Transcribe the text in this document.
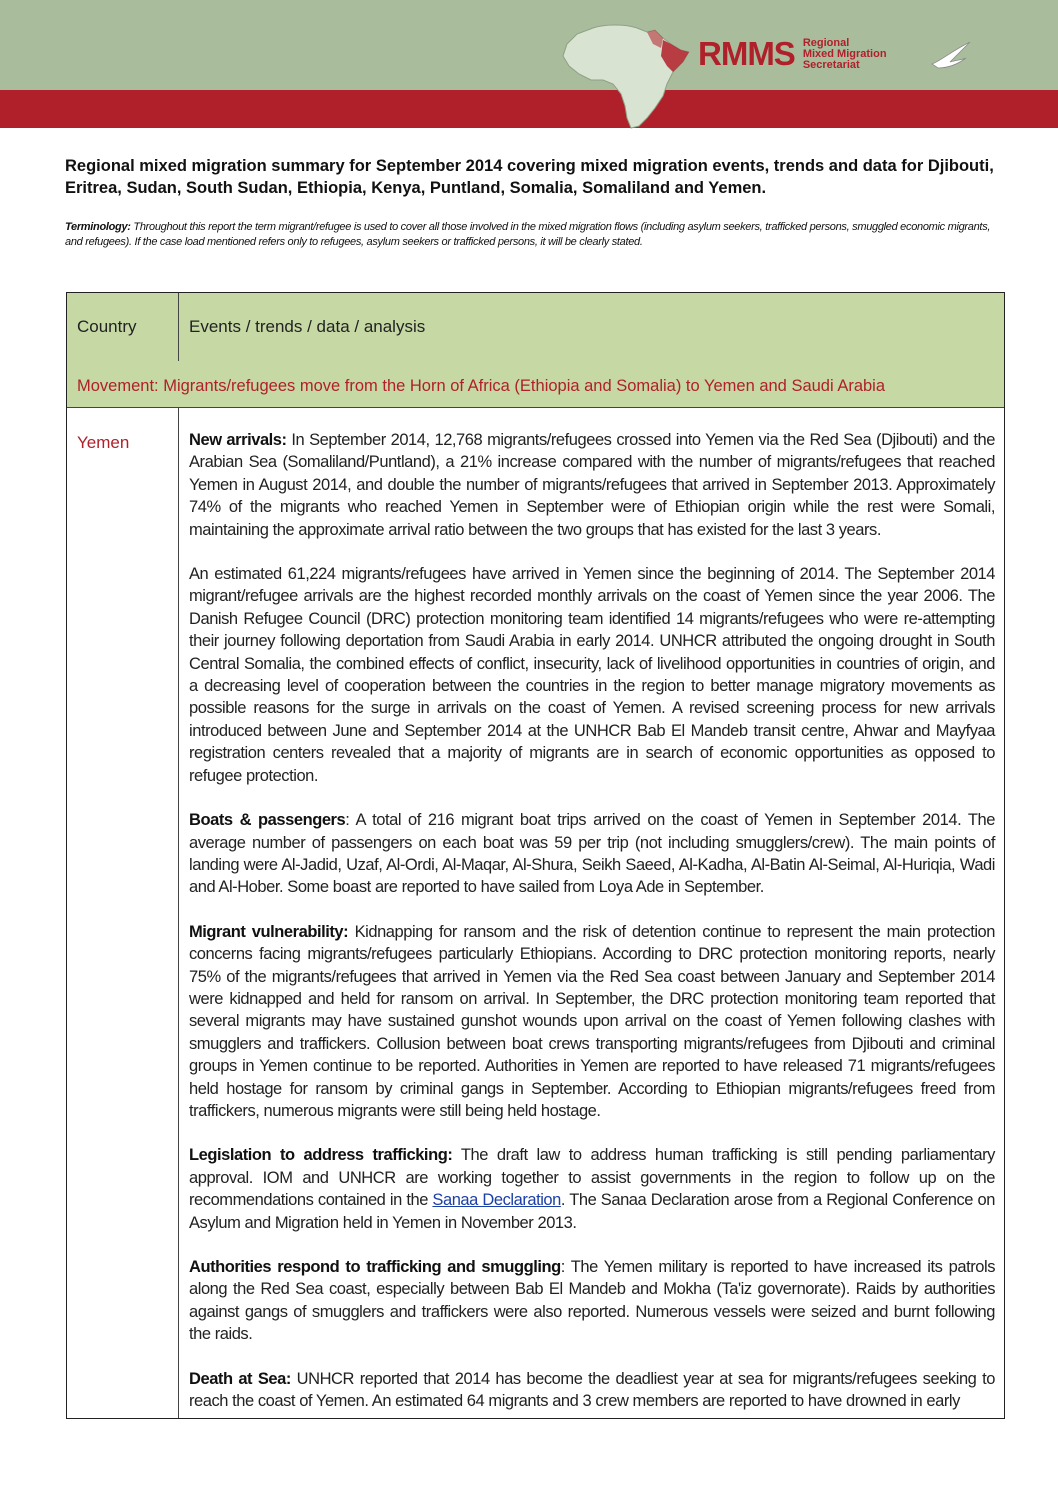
RMMS Regional
Mixed Migration
Secretariat
Regional mixed migration summary for September 2014 covering mixed migration events, trends and data for Djibouti, Eritrea, Sudan, South Sudan, Ethiopia, Kenya, Puntland, Somalia, Somaliland and Yemen.
Terminology: Throughout this report the term migrant/refugee is used to cover all those involved in the mixed migration flows (including asylum seekers, trafficked persons, smuggled economic migrants, and refugees). If the case load mentioned refers only to refugees, asylum seekers or trafficked persons, it will be clearly stated.
Country	Events / trends / data / analysis
Movement: Migrants/refugees move from the Horn of Africa (Ethiopia and Somalia) to Yemen and Saudi Arabia
Yemen	New arrivals: In September 2014, 12,768 migrants/refugees crossed into Yemen via the Red Sea (Djibouti) and the Arabian Sea (Somaliland/Puntland), a 21% increase compared with the number of migrants/refugees that reached Yemen in August 2014, and double the number of migrants/refugees that arrived in September 2013. Approximately 74% of the migrants who reached Yemen in September were of Ethiopian origin while the rest were Somali, maintaining the approximate arrival ratio between the two groups that has existed for the last 3 years.

An estimated 61,224 migrants/refugees have arrived in Yemen since the beginning of 2014. The September 2014 migrant/refugee arrivals are the highest recorded monthly arrivals on the coast of Yemen since the year 2006. The Danish Refugee Council (DRC) protection monitoring team identified 14 migrants/refugees who were re-attempting their journey following deportation from Saudi Arabia in early 2014. UNHCR attributed the ongoing drought in South Central Somalia, the combined effects of conflict, insecurity, lack of livelihood opportunities in countries of origin, and a decreasing level of cooperation between the countries in the region to better manage migratory movements as possible reasons for the surge in arrivals on the coast of Yemen. A revised screening process for new arrivals introduced between June and September 2014 at the UNHCR Bab El Mandeb transit centre, Ahwar and Mayfyaa registration centers revealed that a majority of migrants are in search of economic opportunities as opposed to refugee protection.

Boats & passengers: A total of 216 migrant boat trips arrived on the coast of Yemen in September 2014. The average number of passengers on each boat was 59 per trip (not including smugglers/crew). The main points of landing were Al-Jadid, Uzaf, Al-Ordi, Al-Maqar, Al-Shura, Seikh Saeed, Al-Kadha, Al-Batin Al-Seimal, Al-Huriqia, Wadi and Al-Hober. Some boast are reported to have sailed from Loya Ade in September.

Migrant vulnerability: Kidnapping for ransom and the risk of detention continue to represent the main protection concerns facing migrants/refugees particularly Ethiopians. According to DRC protection monitoring reports, nearly 75% of the migrants/refugees that arrived in Yemen via the Red Sea coast between January and September 2014 were kidnapped and held for ransom on arrival. In September, the DRC protection monitoring team reported that several migrants may have sustained gunshot wounds upon arrival on the coast of Yemen following clashes with smugglers and traffickers. Collusion between boat crews transporting migrants/refugees from Djibouti and criminal groups in Yemen continue to be reported. Authorities in Yemen are reported to have released 71 migrants/refugees held hostage for ransom by criminal gangs in September. According to Ethiopian migrants/refugees freed from traffickers, numerous migrants were still being held hostage.

Legislation to address trafficking: The draft law to address human trafficking is still pending parliamentary approval. IOM and UNHCR are working together to assist governments in the region to follow up on the recommendations contained in the Sanaa Declaration. The Sanaa Declaration arose from a Regional Conference on Asylum and Migration held in Yemen in November 2013.

Authorities respond to trafficking and smuggling: The Yemen military is reported to have increased its patrols along the Red Sea coast, especially between Bab El Mandeb and Mokha (Ta'iz governorate). Raids by authorities against gangs of smugglers and traffickers were also reported. Numerous vessels were seized and burnt following the raids.

Death at Sea: UNHCR reported that 2014 has become the deadliest year at sea for migrants/refugees seeking to reach the coast of Yemen. An estimated 64 migrants and 3 crew members are reported to have drowned in early
